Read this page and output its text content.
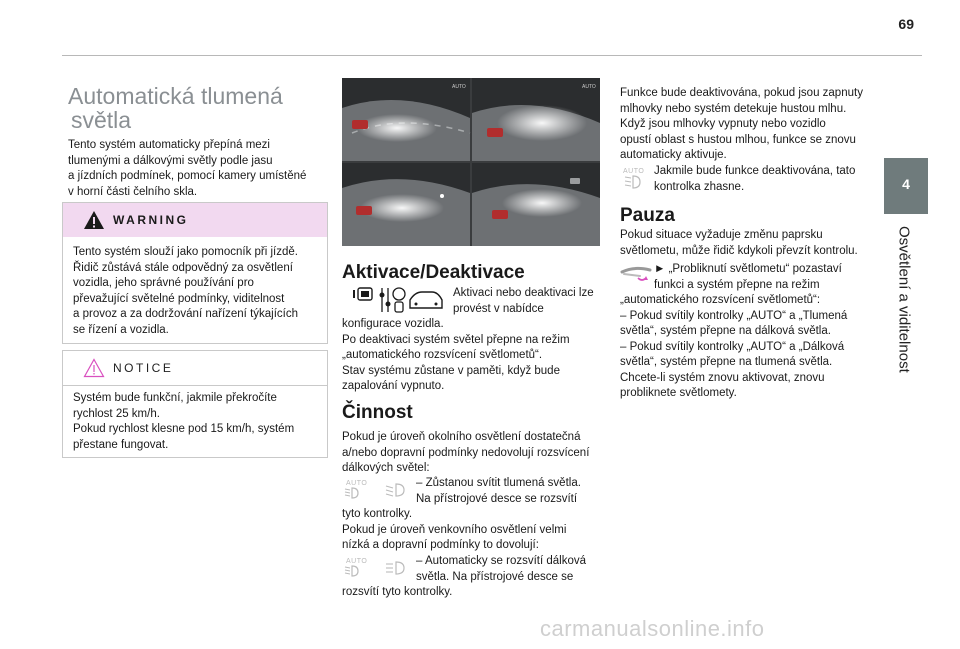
69
4
Osvětlení a viditelnost
Automatická tlumená
světla

Tento systém automaticky přepíná mezi

tlumenými a dálkovými světly podle jasu

a jízdních podmínek, pomocí kamery umístěné

v horní části čelního skla.

WARNING

Tento systém slouží jako pomocník při jízdě.

Řidič zůstává stále odpovědný za osvětlení

vozidla, jeho správné používání pro

převažující světelné podmínky, viditelnost

a provoz a za dodržování nařízení týkajících

se řízení a vozidla.

NOTICE

Systém bude funkční, jakmile překročíte

rychlost 25 km/h.

Pokud rychlost klesne pod 15 km/h, systém

přestane fungovat.

AUTO	AUTO
Aktivace/Deaktivace

Aktivaci nebo deaktivaci lze

provést v nabídce

konfigurace vozidla.

Po deaktivaci systém světel přepne na režim

„automatického rozsvícení světlometů“.

Stav systému zůstane v paměti, když bude

zapalování vypnuto.

Činnost

Pokud je úroveň okolního osvětlení dostatečná

a/nebo dopravní podmínky nedovolují rozsvícení

dálkových světel:

AUTO	– Zůstanou svítit tlumená světla.

Na přístrojové desce se rozsvítí

tyto kontrolky.

Pokud je úroveň venkovního osvětlení velmi

nízká a dopravní podmínky to dovolují:

AUTO	– Automaticky se rozsvítí dálková

světla. Na přístrojové desce se

rozsvítí tyto kontrolky.

Funkce bude deaktivována, pokud jsou zapnuty

mlhovky nebo systém detekuje hustou mlhu.

Když jsou mlhovky vypnuty nebo vozidlo

opustí oblast s hustou mlhou, funkce se znovu

automaticky aktivuje.

AUTO Jakmile bude funkce deaktivována, tato

kontrolka zhasne.

Pauza

Pokud situace vyžaduje změnu paprsku

světlometu, může řidič kdykoli převzít kontrolu.

► „Probliknutí světlometu“ pozastaví

funkci a systém přepne na režim

„automatického rozsvícení světlometů“:

– Pokud svítily kontrolky „AUTO“ a „Tlumená

světla“, systém přepne na dálková světla.

– Pokud svítily kontrolky „AUTO“ a „Dálková

světla“, systém přepne na tlumená světla.

Chcete-li systém znovu aktivovat, znovu

probliknete světlomety.

carmanualsonline.info
